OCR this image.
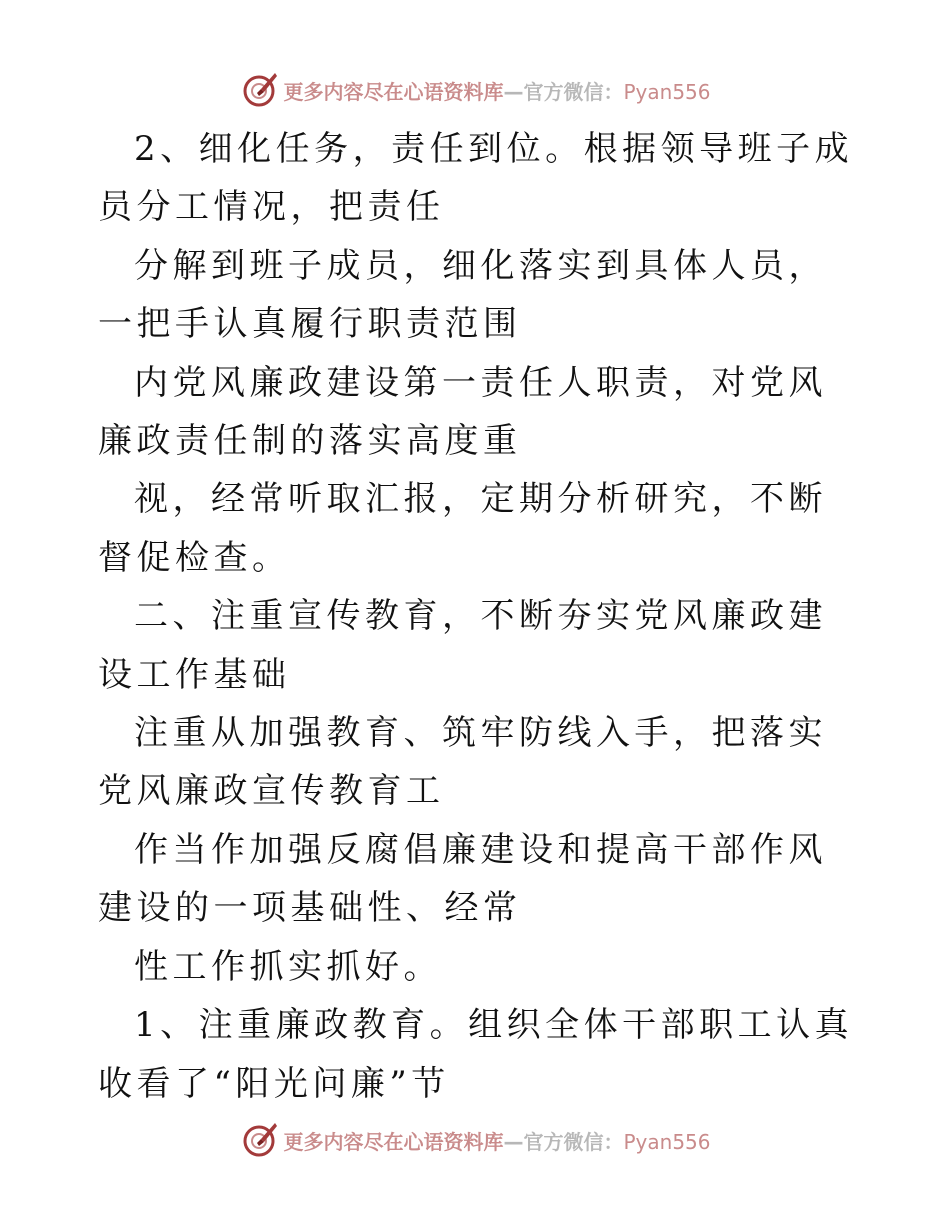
更多内容尽在心语资料库—官方微信：Pyan556

2、细化任务，责任到位。根据领导班子成员分工情况，把责任

分解到班子成员，细化落实到具体人员，一把手认真履行职责范围

内党风廉政建设第一责任人职责，对党风廉政责任制的落实高度重

视，经常听取汇报，定期分析研究，不断督促检查。

二、注重宣传教育，不断夯实党风廉政建设工作基础

注重从加强教育、筑牢防线入手，把落实党风廉政宣传教育工

作当作加强反腐倡廉建设和提高干部作风建设的一项基础性、经常

性工作抓实抓好。

1、注重廉政教育。组织全体干部职工认真收看了“阳光问廉”节

更多内容尽在心语资料库—官方微信：Pyan556
